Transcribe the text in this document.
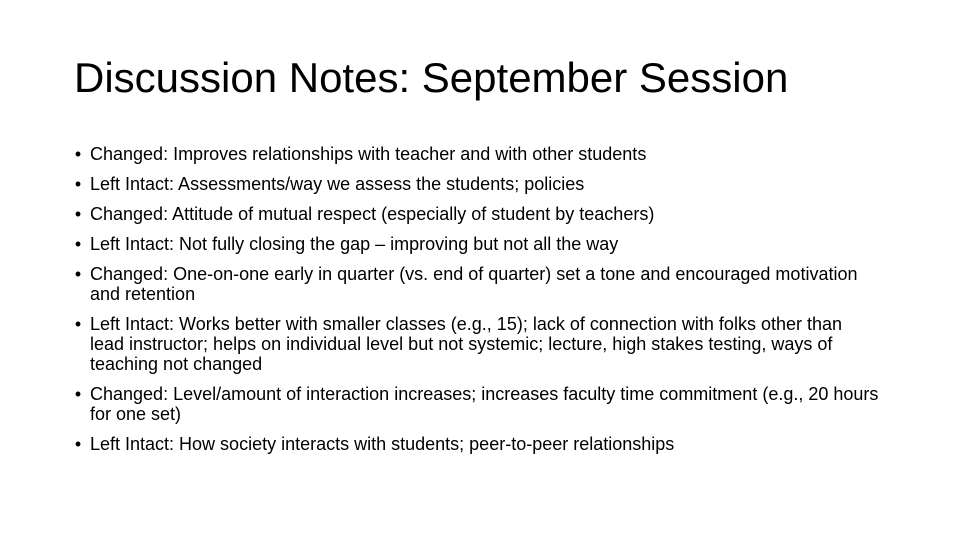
Discussion Notes: September Session
• Changed: Improves relationships with teacher and with other students
• Left Intact: Assessments/way we assess the students; policies
• Changed: Attitude of mutual respect (especially of student by teachers)
• Left Intact: Not fully closing the gap – improving but not all the way
• Changed: One-on-one early in quarter (vs. end of quarter) set a tone and encouraged motivation and retention
• Left Intact: Works better with smaller classes (e.g., 15); lack of connection with folks other than lead instructor; helps on individual level but not systemic; lecture, high stakes testing, ways of teaching not changed
• Changed: Level/amount of interaction increases; increases faculty time commitment (e.g., 20 hours for one set)
• Left Intact: How society interacts with students; peer-to-peer relationships
